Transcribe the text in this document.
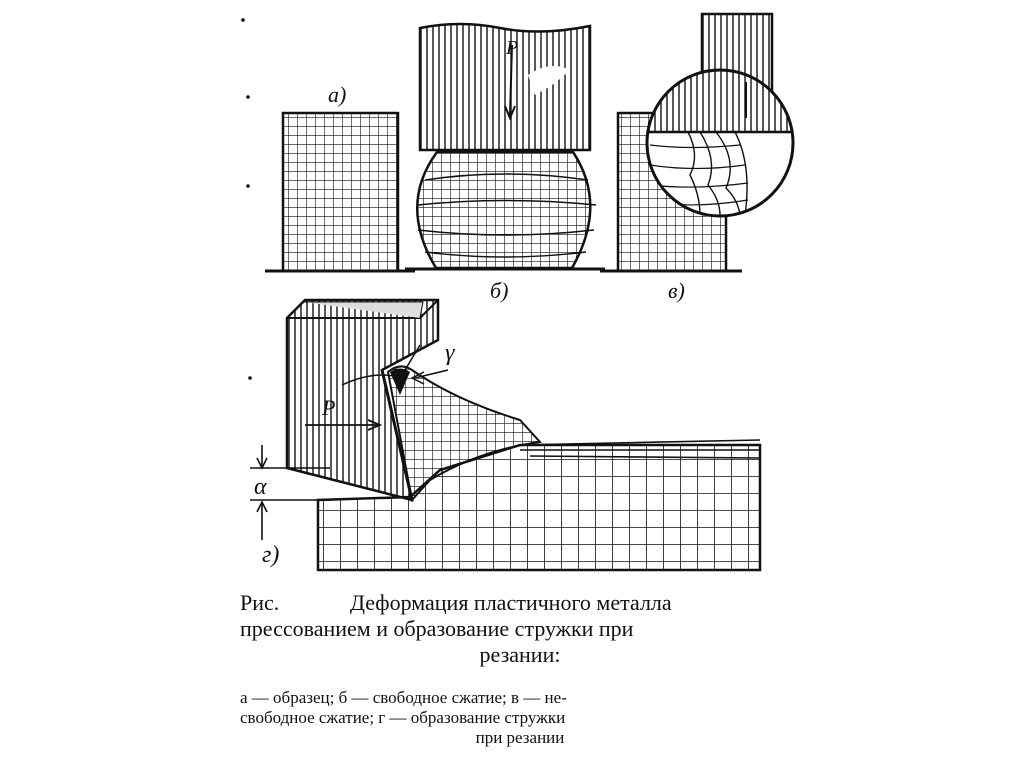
а)
P
б)	в)
P
γ
α
г)
Рис.	Деформация пластичного металла
прессованием и образование стружки при
резании:
а — образец; б — свободное сжатие; в — не-
свободное сжатие; г — образование стружки
при резании
